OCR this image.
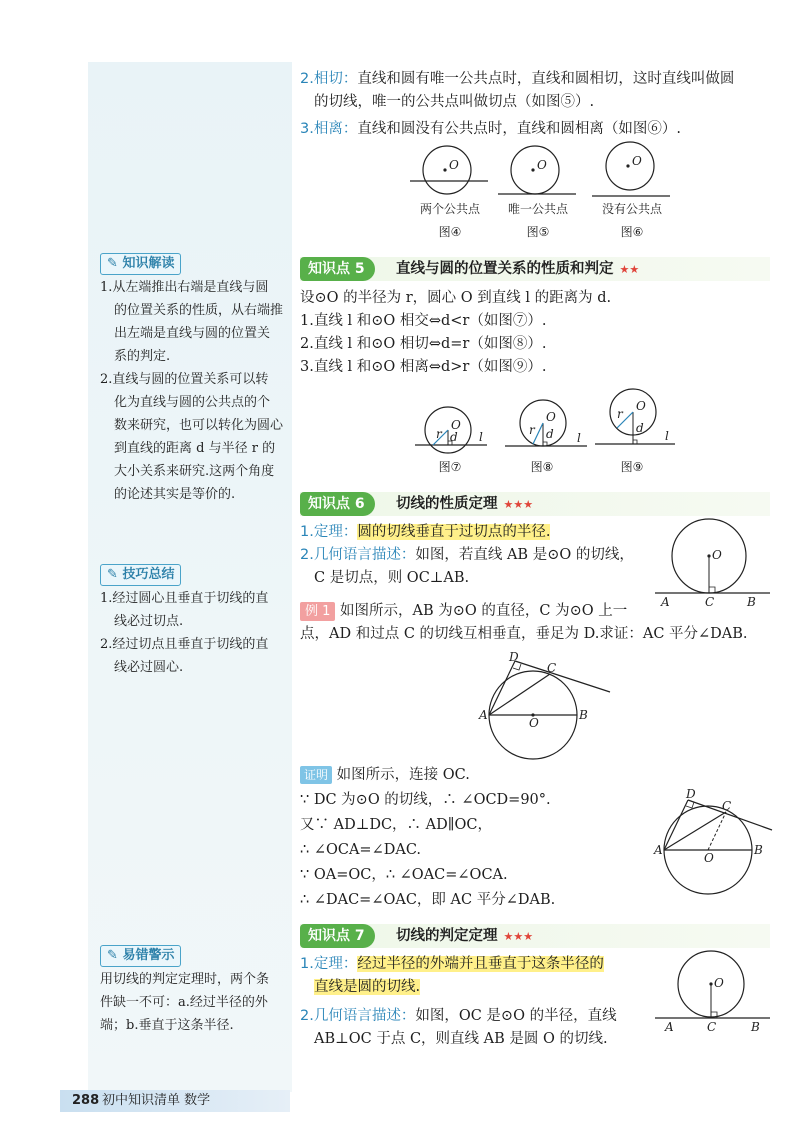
✎ 知识解读

1.从左端推出右端是直线与圆

的位置关系的性质，从右端推

出左端是直线与圆的位置关

系的判定.

2.直线与圆的位置关系可以转

化为直线与圆的公共点的个

数来研究，也可以转化为圆心

到直线的距离 d 与半径 r 的

大小关系来研究.这两个角度

的论述其实是等价的.

✎ 技巧总结

1.经过圆心且垂直于切线的直

线必过切点.

2.经过切点且垂直于切线的直

线必过圆心.

✎ 易错警示

用切线的判定定理时，两个条

件缺一不可：a.经过半径的外

端；b.垂直于这条半径.

2.相切：直线和圆有唯一公共点时，直线和圆相切，这时直线叫做圆

的切线，唯一的公共点叫做切点（如图⑤）.

3.相离：直线和圆没有公共点时，直线和圆相离（如图⑥）.

O
两个公共点
图④
O
唯一公共点
图⑤
O
没有公共点
图⑥
知识点 5	直线与圆的位置关系的性质和判定 ★★

设⊙O 的半径为 r，圆心 O 到直线 l 的距离为 d.

1.直线 l 和⊙O 相交⇔d<r（如图⑦）.

2.直线 l 和⊙O 相切⇔d=r（如图⑧）.

3.直线 l 和⊙O 相离⇔d>r（如图⑨）.

O
r d l
图⑦
O
r d l
图⑧
O
r
d
l
图⑨
知识点 6	切线的性质定理 ★★★

1.定理：圆的切线垂直于过切点的半径.

2.几何语言描述：如图，若直线 AB 是⊙O 的切线，

C 是切点，则 OC⊥AB.

O
A	C	B

例 1 如图所示，AB 为⊙O 的直径，C 为⊙O 上一

点，AD 和过点 C 的切线互相垂直，垂足为 D.求证：AC 平分∠DAB.

D
C
A
O
B

证明 如图所示，连接 OC.

∵ DC 为⊙O 的切线，∴ ∠OCD=90°.

又∵ AD⊥DC，∴ AD∥OC，

∴ ∠OCA=∠DAC.

∵ OA=OC，∴ ∠OAC=∠OCA.

∴ ∠DAC=∠OAC，即 AC 平分∠DAB.

D
C
A
O
B
知识点 7	切线的判定定理 ★★★

1.定理：经过半径的外端并且垂直于这条半径的

直线是圆的切线.

2.几何语言描述：如图，OC 是⊙O 的半径，直线

AB⊥OC 于点 C，则直线 AB 是圆 O 的切线.

O
A	C	B
288 初中知识清单 数学
